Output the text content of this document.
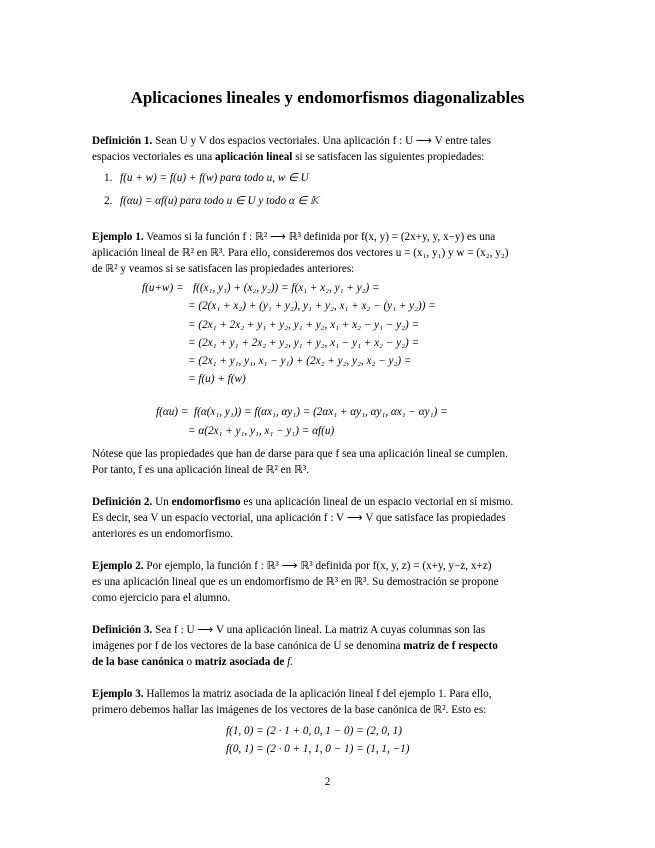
Aplicaciones lineales y endomorfismos diagonalizables
Definición 1. Sean U y V dos espacios vectoriales. Una aplicación f : U ⟶ V entre tales
espacios vectoriales es una aplicación lineal si se satisfacen las siguientes propiedades:
1. f(u + w) = f(u) + f(w) para todo u, w ∈ U
2. f(αu) = αf(u) para todo u ∈ U y todo α ∈ 𝕂
Ejemplo 1. Veamos si la función f : ℝ² ⟶ ℝ³ definida por f(x, y) = (2x+y, y, x−y) es una
aplicación lineal de ℝ² en ℝ³. Para ello, consideremos dos vectores u = (x₁, y₁) y w = (x₂, y₂)
de ℝ² y veamos si se satisfacen las propiedades anteriores:
f(u+w) = f((x₁, y₁) + (x₂, y₂)) = f(x₁ + x₂, y₁ + y₂) =
= (2(x₁ + x₂) + (y₁ + y₂), y₁ + y₂, x₁ + x₂ − (y₁ + y₂)) =
= (2x₁ + 2x₂ + y₁ + y₂, y₁ + y₂, x₁ + x₂ − y₁ − y₂) =
= (2x₁ + y₁ + 2x₂ + y₂, y₁ + y₂, x₁ − y₁ + x₂ − y₂) =
= (2x₁ + y₁, y₁, x₁ − y₁) + (2x₂ + y₂, y₂, x₂ − y₂) =
= f(u) + f(w)
f(αu) = f(α(x₁, y₁)) = f(αx₁, αy₁) = (2αx₁ + αy₁, αy₁, αx₁ − αy₁) =
= α(2x₁ + y₁, y₁, x₁ − y₁) = αf(u)
Nótese que las propiedades que han de darse para que f sea una aplicación lineal se cumplen.
Por tanto, f es una aplicación lineal de ℝ² en ℝ³.
Definición 2. Un endomorfismo es una aplicación lineal de un espacio vectorial en sí mismo.
Es decir, sea V un espacio vectorial, una aplicación f : V ⟶ V que satisface las propiedades
anteriores es un endomorfismo.
Ejemplo 2. Por ejemplo, la función f : ℝ³ ⟶ ℝ³ definida por f(x, y, z) = (x+y, y−z, x+z)
es una aplicación lineal que es un endomorfismo de ℝ³ en ℝ³. Su demostración se propone
como ejercicio para el alumno.
Definición 3. Sea f : U ⟶ V una aplicación lineal. La matriz A cuyas columnas son las
imágenes por f de los vectores de la base canónica de U se denomina matriz de f respecto
de la base canónica o matriz asociada de f.
Ejemplo 3. Hallemos la matriz asociada de la aplicación lineal f del ejemplo 1. Para ello,
primero debemos hallar las imágenes de los vectores de la base canónica de ℝ². Esto es:
f(1, 0) = (2 · 1 + 0, 0, 1 − 0) = (2, 0, 1)
f(0, 1) = (2 · 0 + 1, 1, 0 − 1) = (1, 1, −1)
2
